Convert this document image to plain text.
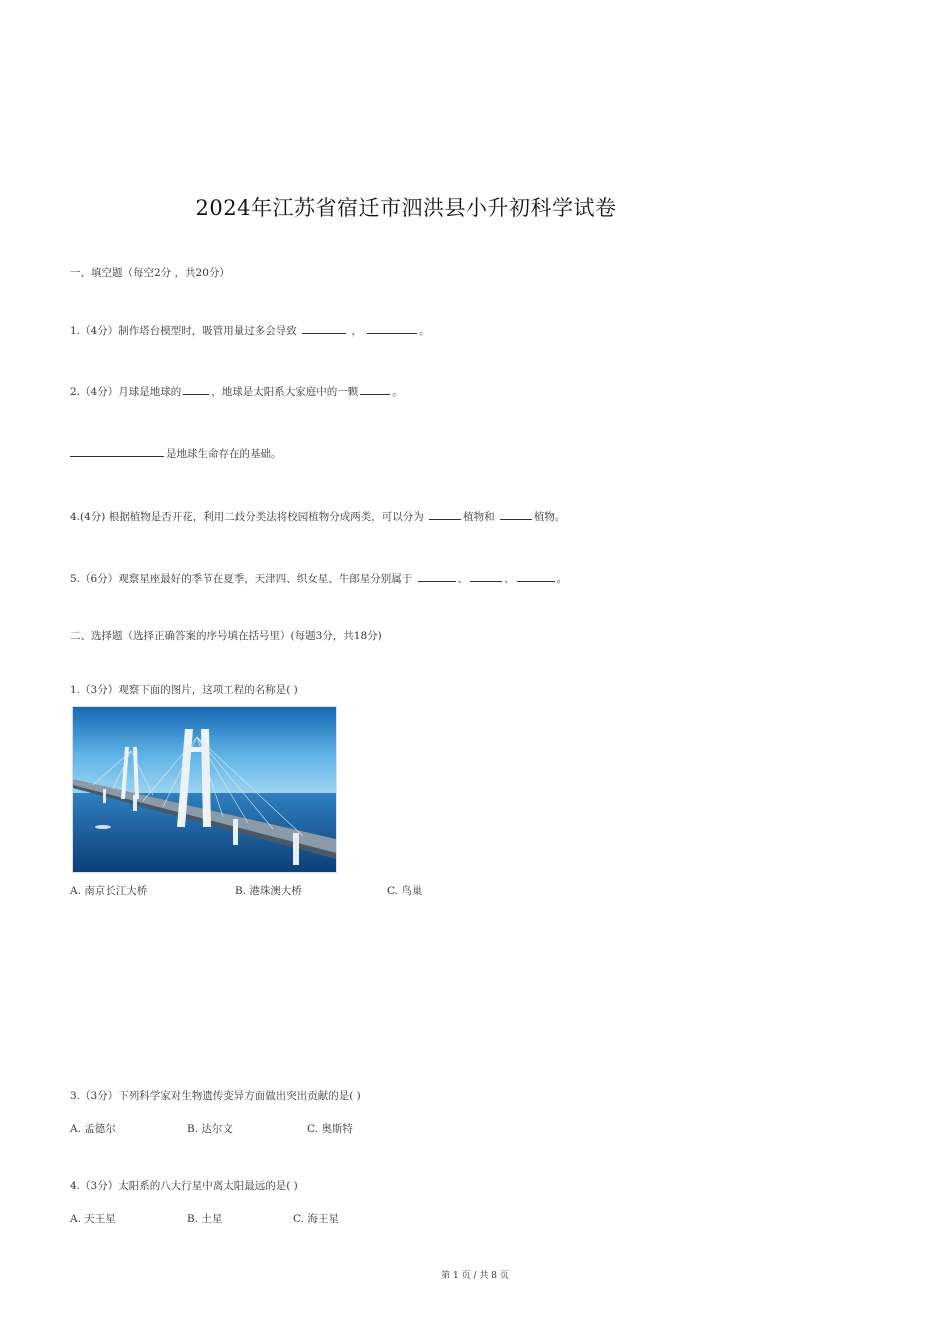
2024年江苏省宿迁市泗洪县小升初科学试卷
一、填空题（每空2分 ，共20分）
1.（4分）制作塔台模型时，吸管用量过多会导致	，	。
2.（4分）月球是地球的	，地球是太阳系大家庭中的一颗	。
是地球生命存在的基础。
4.(4分) 根据植物是否开花，利用二歧分类法将校园植物分成两类，可以分为	植物和	植物。
5.（6分）观察星座最好的季节在夏季，天津四、织女星、牛郎星分别属于	、	、	。
二、选择题（选择正确答案的序号填在括号里）(每题3分，共18分)
1.（3分）观察下面的图片，这项工程的名称是( )
A. 南京长江大桥	B. 港珠澳大桥	C. 鸟巢
3.（3分）下列科学家对生物遗传变异方面做出突出贡献的是( )
A. 孟德尔	B. 达尔文	C. 奥斯特
4.（3分）太阳系的八大行星中离太阳最远的是( )
A. 天王星	B. 土星	C. 海王星
第 1 页 / 共 8 页
